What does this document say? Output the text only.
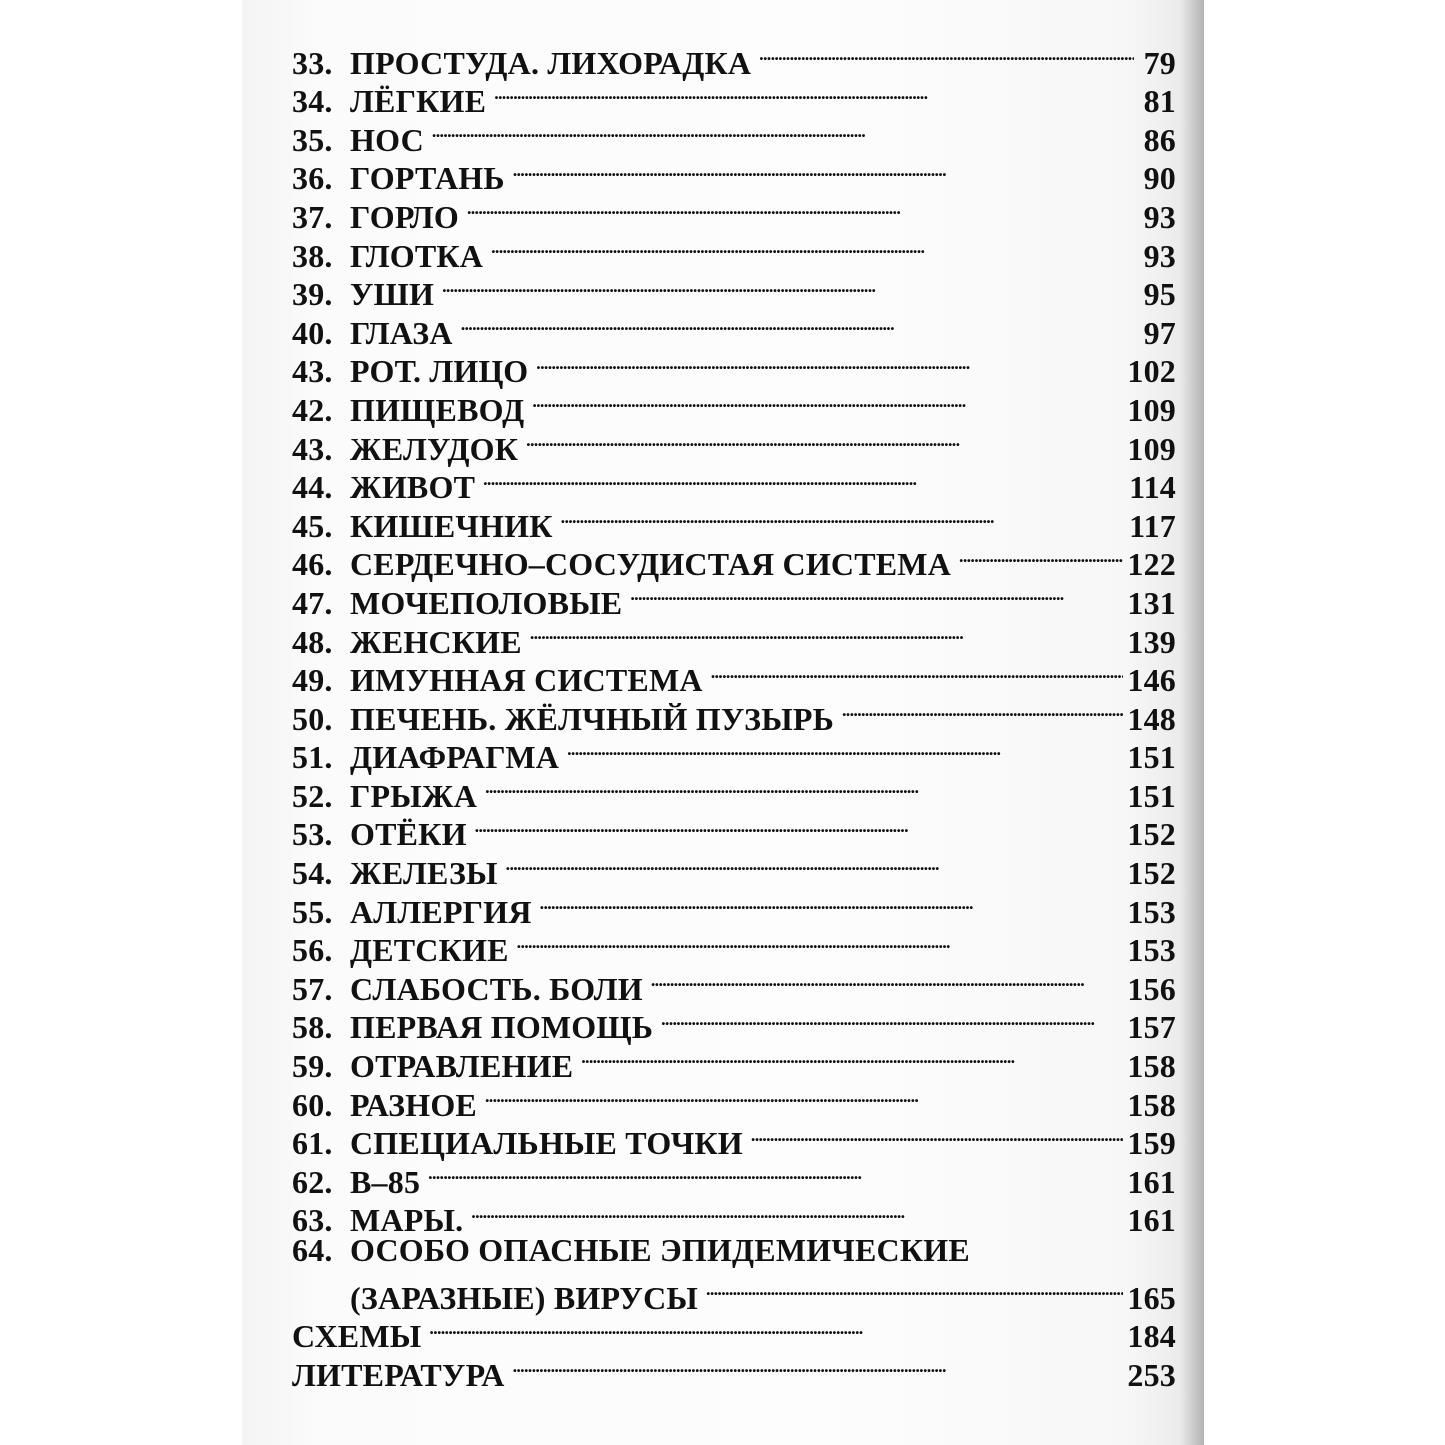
33. ПРОСТУДА. ЛИХОРАДКА . . .	79
34. ЛЁГКИЕ . . .	81
35. НОС . . .	86
36. ГОРТАНЬ . . .	90
37. ГОРЛО . . .	93
38. ГЛОТКА . . .	93
39. УШИ . . .	95
40. ГЛАЗА . . .	97
43. РОТ. ЛИЦО . . .	102
42. ПИЩЕВОД . . .	109
43. ЖЕЛУДОК . . .	109
44. ЖИВОТ . . .	114
45. КИШЕЧНИК . . .	117
46. СЕРДЕЧНО–СОСУДИСТАЯ СИСТЕМА . . .	122
47. МОЧЕПОЛОВЫЕ . . .	131
48. ЖЕНСКИЕ . . .	139
49. ИМУННАЯ СИСТЕМА . . .	146
50. ПЕЧЕНЬ. ЖЁЛЧНЫЙ ПУЗЫРЬ . . .	148
51. ДИАФРАГМА . . .	151
52. ГРЫЖА . . .	151
53. ОТЁКИ . . .	152
54. ЖЕЛЕЗЫ . . .	152
55. АЛЛЕРГИЯ . . .	153
56. ДЕТСКИЕ . . .	153
57. СЛАБОСТЬ. БОЛИ . . .	156
58. ПЕРВАЯ ПОМОЩЬ . . .	157
59. ОТРАВЛЕНИЕ . . .	158
60. РАЗНОЕ . . .	158
61. СПЕЦИАЛЬНЫЕ ТОЧКИ . . .	159
62. В–85 . . .	161
63. МАРЫ. . . .	161
64. ОСОБО ОПАСНЫЕ ЭПИДЕМИЧЕСКИЕ
(ЗАРАЗНЫЕ) ВИРУСЫ . . .	165
СХЕМЫ . . .	184
ЛИТЕРАТУРА . . .	253
